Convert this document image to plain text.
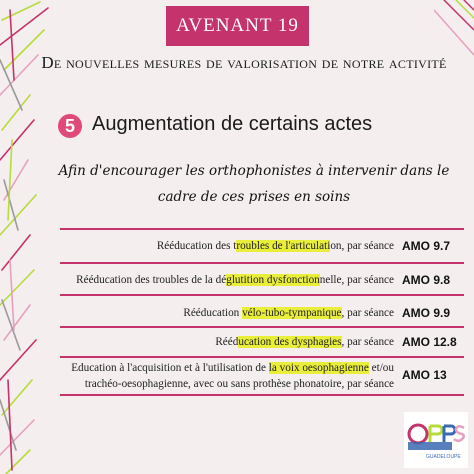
AVENANT 19
De nouvelles mesures de valorisation de notre activité
5 Augmentation de certains actes
Afin d'encourager les orthophonistes à intervenir dans le cadre de ces prises en soins
Rééducation des troubles de l'articulation, par séance AMO 9.7
Rééducation des troubles de la déglutition dysfonctionnelle, par séance AMO 9.8
Rééducation vélo-tubo-tympanique, par séance AMO 9.9
Rééducation des dysphagies, par séance AMO 12.8
Education à l'acquisition et à l'utilisation de la voix oesophagienne et/ou trachéo-oesophagienne, avec ou sans prothèse phonatoire, par séance
AMO 13
GUADELOUPE
